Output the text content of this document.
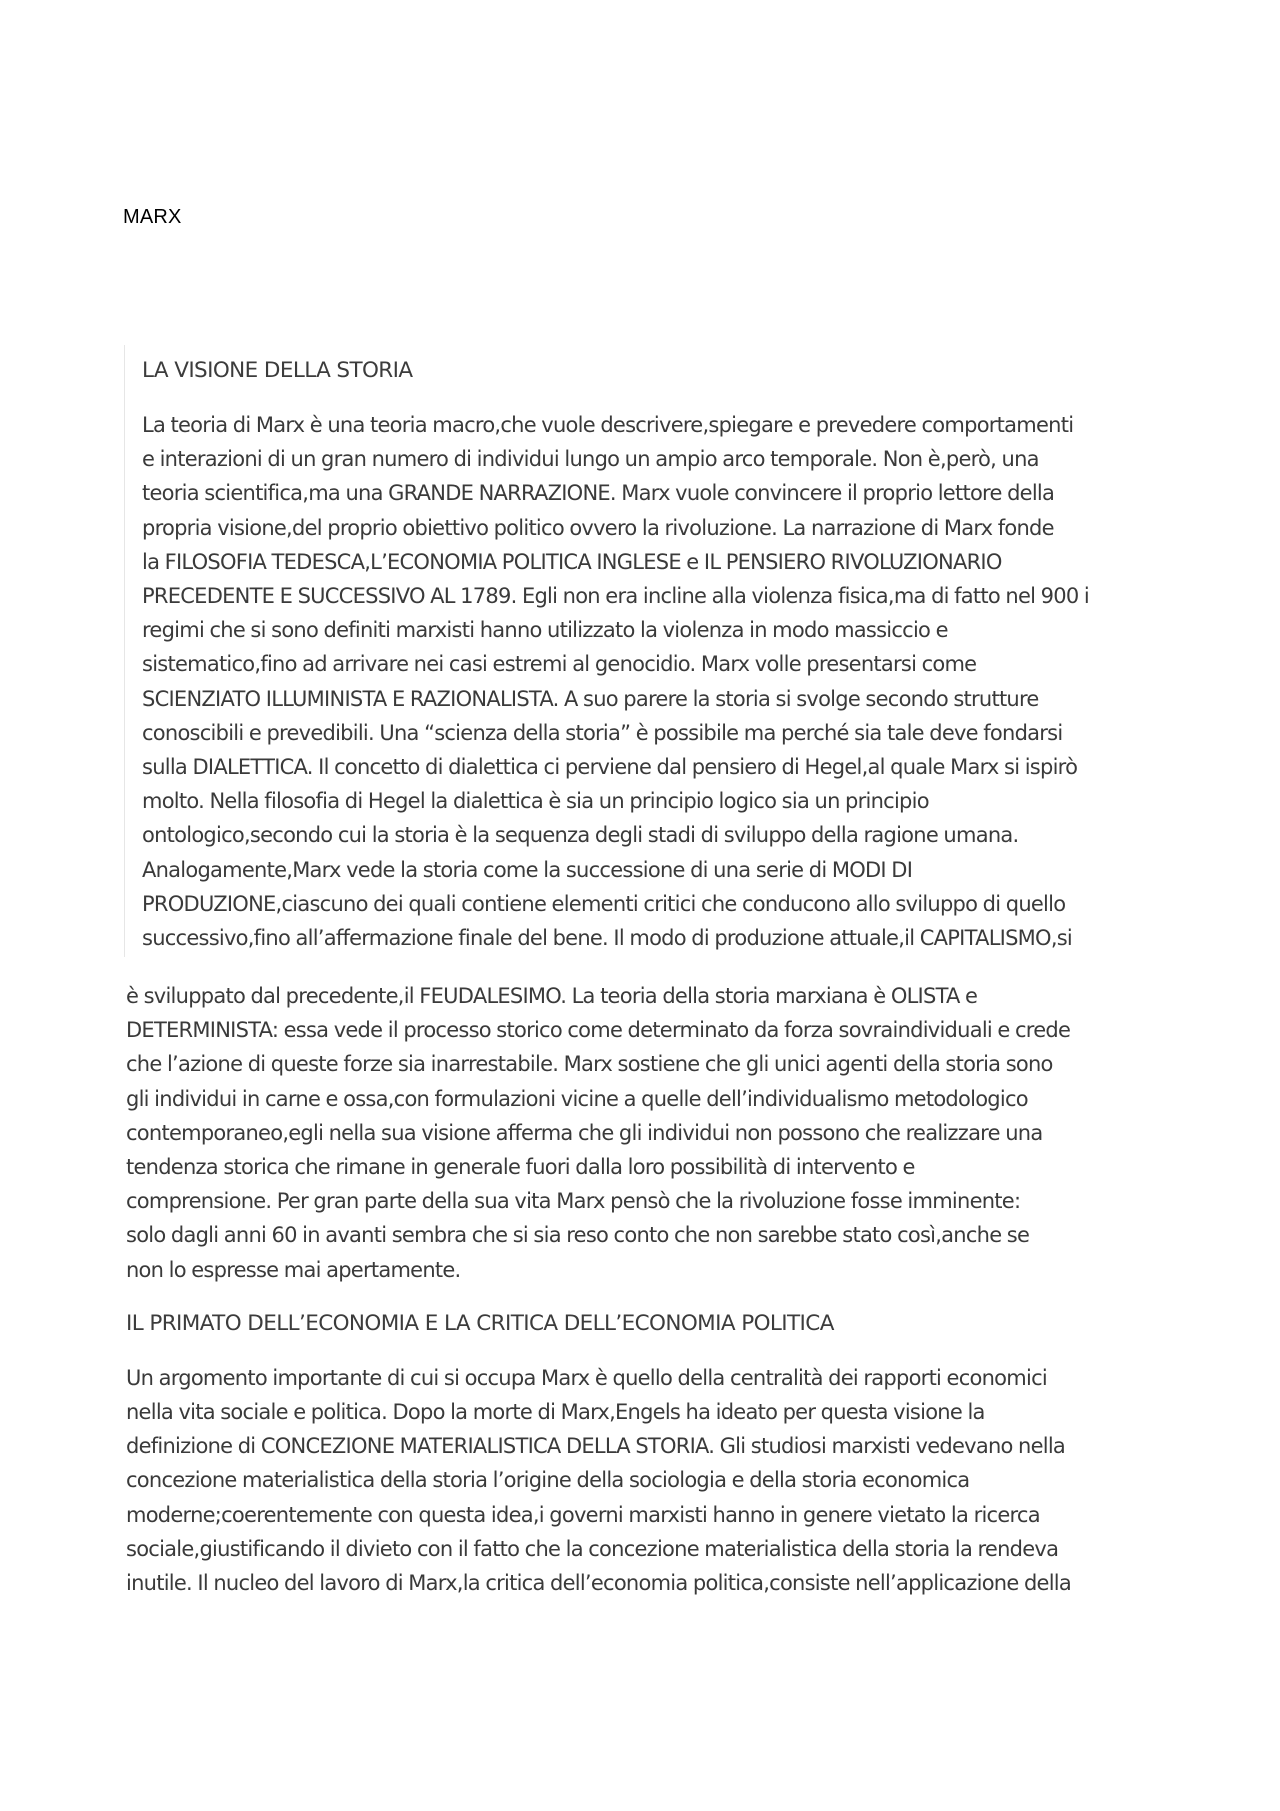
MARX
LA VISIONE DELLA STORIA

La teoria di Marx è una teoria macro,che vuole descrivere,spiegare e prevedere comportamenti
e interazioni di un gran numero di individui lungo un ampio arco temporale. Non è,però, una
teoria scientifica,ma una GRANDE NARRAZIONE. Marx vuole convincere il proprio lettore della
propria visione,del proprio obiettivo politico ovvero la rivoluzione. La narrazione di Marx fonde
la FILOSOFIA TEDESCA,L’ECONOMIA POLITICA INGLESE e IL PENSIERO RIVOLUZIONARIO
PRECEDENTE E SUCCESSIVO AL 1789. Egli non era incline alla violenza fisica,ma di fatto nel 900 i
regimi che si sono definiti marxisti hanno utilizzato la violenza in modo massiccio e
sistematico,fino ad arrivare nei casi estremi al genocidio. Marx volle presentarsi come
SCIENZIATO ILLUMINISTA E RAZIONALISTA. A suo parere la storia si svolge secondo strutture
conoscibili e prevedibili. Una “scienza della storia” è possibile ma perché sia tale deve fondarsi
sulla DIALETTICA. Il concetto di dialettica ci perviene dal pensiero di Hegel,al quale Marx si ispirò
molto. Nella filosofia di Hegel la dialettica è sia un principio logico sia un principio
ontologico,secondo cui la storia è la sequenza degli stadi di sviluppo della ragione umana.
Analogamente,Marx vede la storia come la successione di una serie di MODI DI
PRODUZIONE,ciascuno dei quali contiene elementi critici che conducono allo sviluppo di quello
successivo,fino all’affermazione finale del bene. Il modo di produzione attuale,il CAPITALISMO,si

è sviluppato dal precedente,il FEUDALESIMO. La teoria della storia marxiana è OLISTA e
DETERMINISTA: essa vede il processo storico come determinato da forza sovraindividuali e crede
che l’azione di queste forze sia inarrestabile. Marx sostiene che gli unici agenti della storia sono
gli individui in carne e ossa,con formulazioni vicine a quelle dell’individualismo metodologico
contemporaneo,egli nella sua visione afferma che gli individui non possono che realizzare una
tendenza storica che rimane in generale fuori dalla loro possibilità di intervento e
comprensione. Per gran parte della sua vita Marx pensò che la rivoluzione fosse imminente:
solo dagli anni 60 in avanti sembra che si sia reso conto che non sarebbe stato così,anche se
non lo espresse mai apertamente.

IL PRIMATO DELL’ECONOMIA E LA CRITICA DELL’ECONOMIA POLITICA

Un argomento importante di cui si occupa Marx è quello della centralità dei rapporti economici
nella vita sociale e politica. Dopo la morte di Marx,Engels ha ideato per questa visione la
definizione di CONCEZIONE MATERIALISTICA DELLA STORIA. Gli studiosi marxisti vedevano nella
concezione materialistica della storia l’origine della sociologia e della storia economica
moderne;coerentemente con questa idea,i governi marxisti hanno in genere vietato la ricerca
sociale,giustificando il divieto con il fatto che la concezione materialistica della storia la rendeva
inutile. Il nucleo del lavoro di Marx,la critica dell’economia politica,consiste nell’applicazione della
